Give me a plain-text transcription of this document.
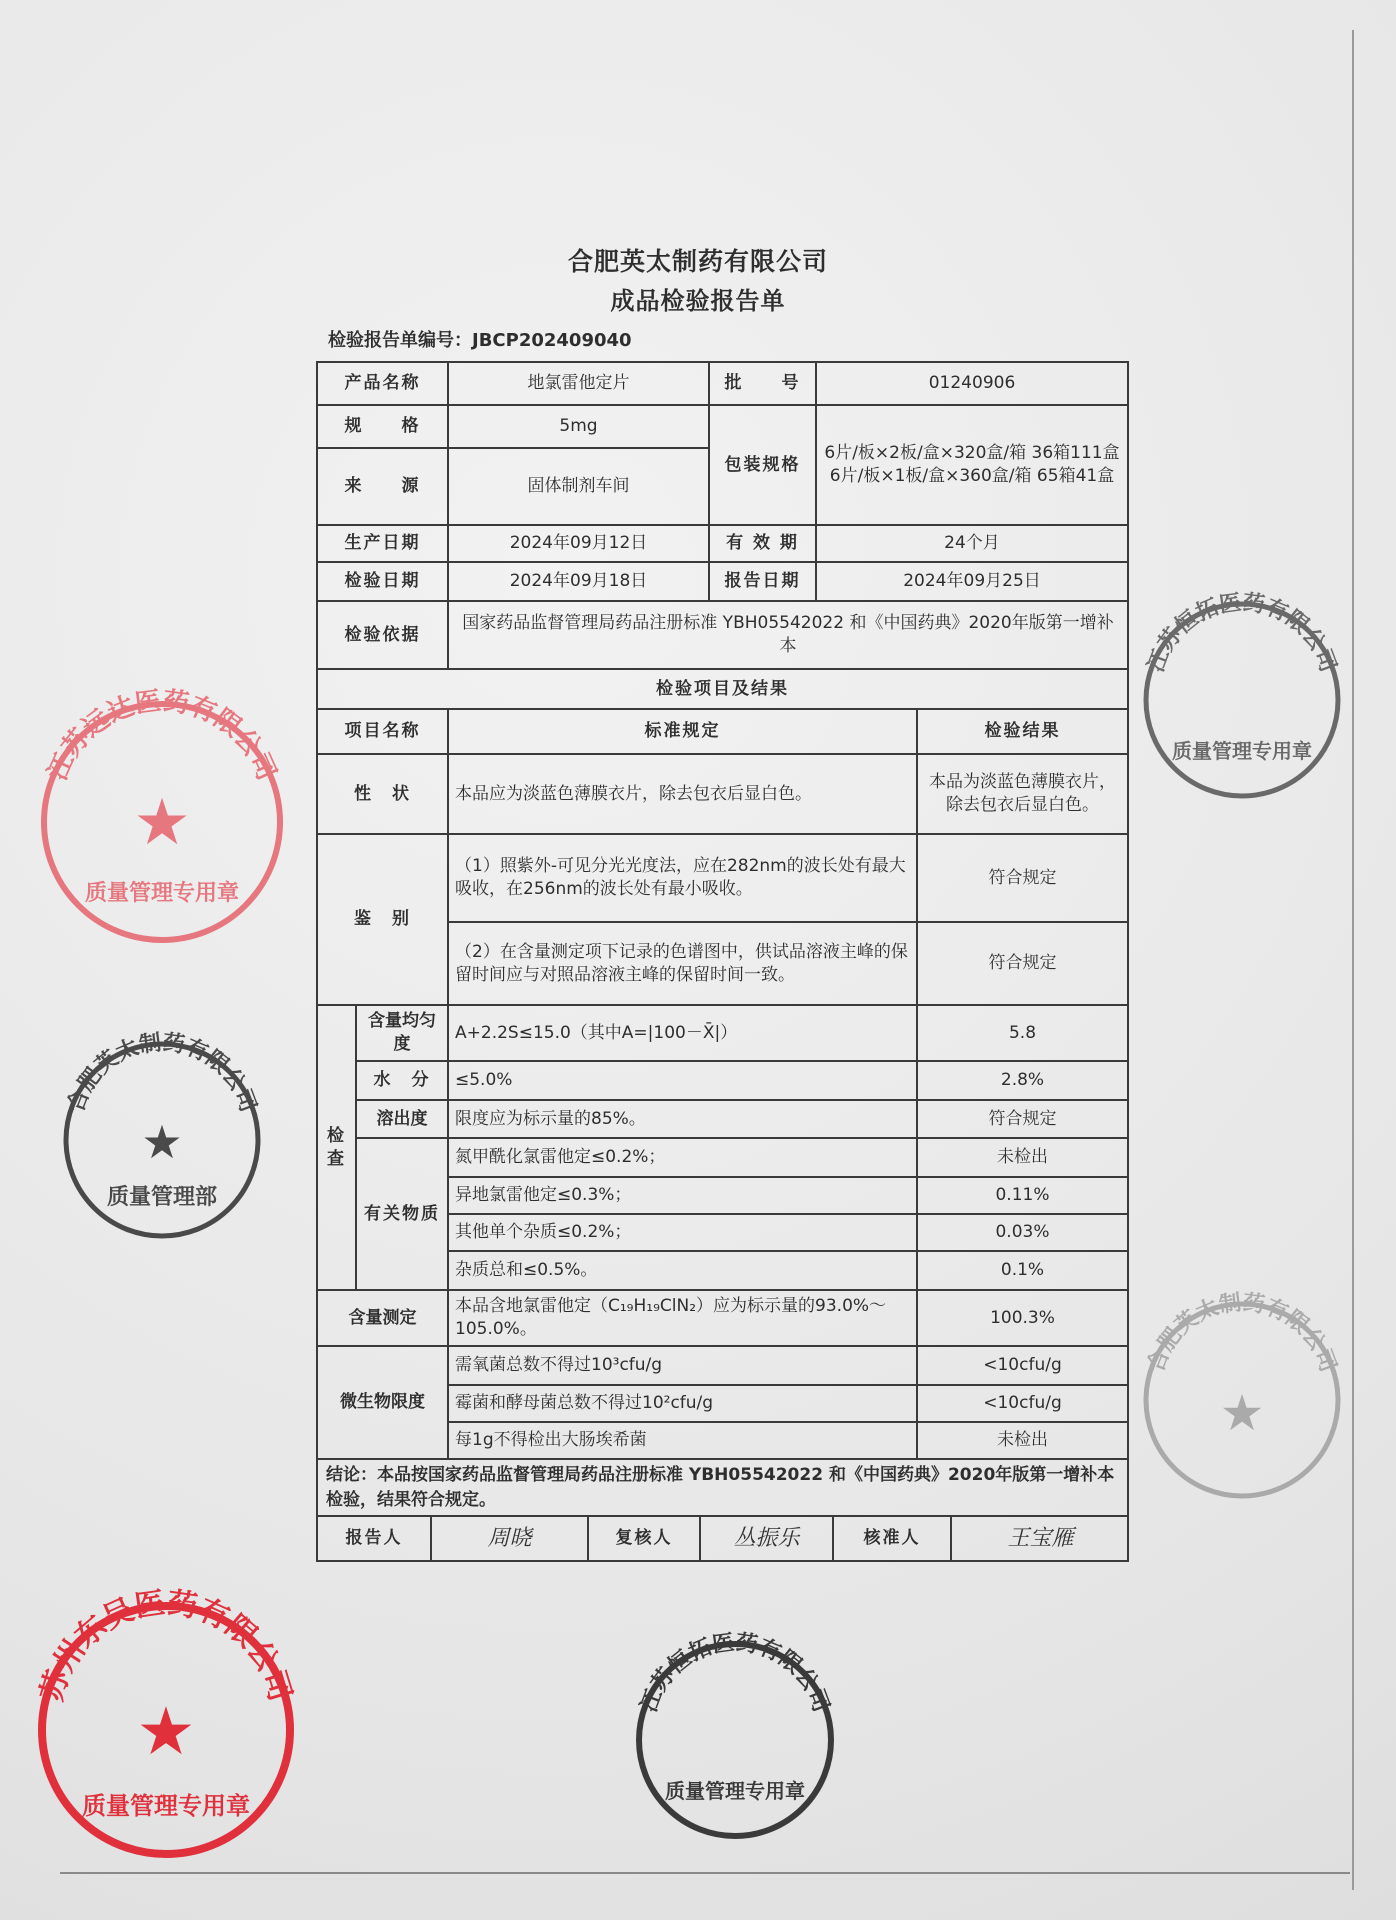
合肥英太制药有限公司
成品检验报告单
检验报告单编号：JBCP202409040
产品名称	地氯雷他定片	批　　号	01240906
规　　格	5mg	包装规格	
6片/板×2板/盒×320盒/箱 36箱111盒
6片/板×1板/盒×360盒/箱 65箱41盒

来　　源	固体制剂车间
生产日期	2024年09月12日	有 效 期	24个月
检验日期	2024年09月18日	报告日期	2024年09月25日
检验依据	国家药品监督管理局药品注册标准 YBH05542022 和《中国药典》2020年版第一增补本
检验项目及结果
项目名称	标准规定	检验结果
性　状	本品应为淡蓝色薄膜衣片，除去包衣后显白色。	本品为淡蓝色薄膜衣片，除去包衣后显白色。
鉴　别	（1）照紫外-可见分光光度法，应在282nm的波长处有最大吸收，在256nm的波长处有最小吸收。	符合规定
（2）在含量测定项下记录的色谱图中，供试品溶液主峰的保留时间应与对照品溶液主峰的保留时间一致。	符合规定
检查	含量均匀度	A+2.2S≤15.0（其中A=|100－X̄|）	5.8
水　分	≤5.0%	2.8%
溶出度	限度应为标示量的85%。	符合规定
有关物质	氮甲酰化氯雷他定≤0.2%；	未检出
异地氯雷他定≤0.3%；	0.11%
其他单个杂质≤0.2%；	0.03%
杂质总和≤0.5%。	0.1%
含量测定	本品含地氯雷他定（C₁₉H₁₉ClN₂）应为标示量的93.0%～105.0%。	100.3%
微生物限度	需氧菌总数不得过10³cfu/g	<10cfu/g
霉菌和酵母菌总数不得过10²cfu/g	<10cfu/g
每1g不得检出大肠埃希菌	未检出
结论：本品按国家药品监督管理局药品注册标准 YBH05542022 和《中国药典》2020年版第一增补本检验，结果符合规定。

报告人	周晓	复核人	丛振乐	核准人	王宝雁
江苏恒拓医药有限公司
质量管理专用章
合肥英太制药有限公司
★
江苏远达医药有限公司
★
质量管理专用章
合肥英太制药有限公司
★
质量管理部
江苏恒拓医药有限公司
质量管理专用章
苏州东吴医药有限公司
★
质量管理专用章
